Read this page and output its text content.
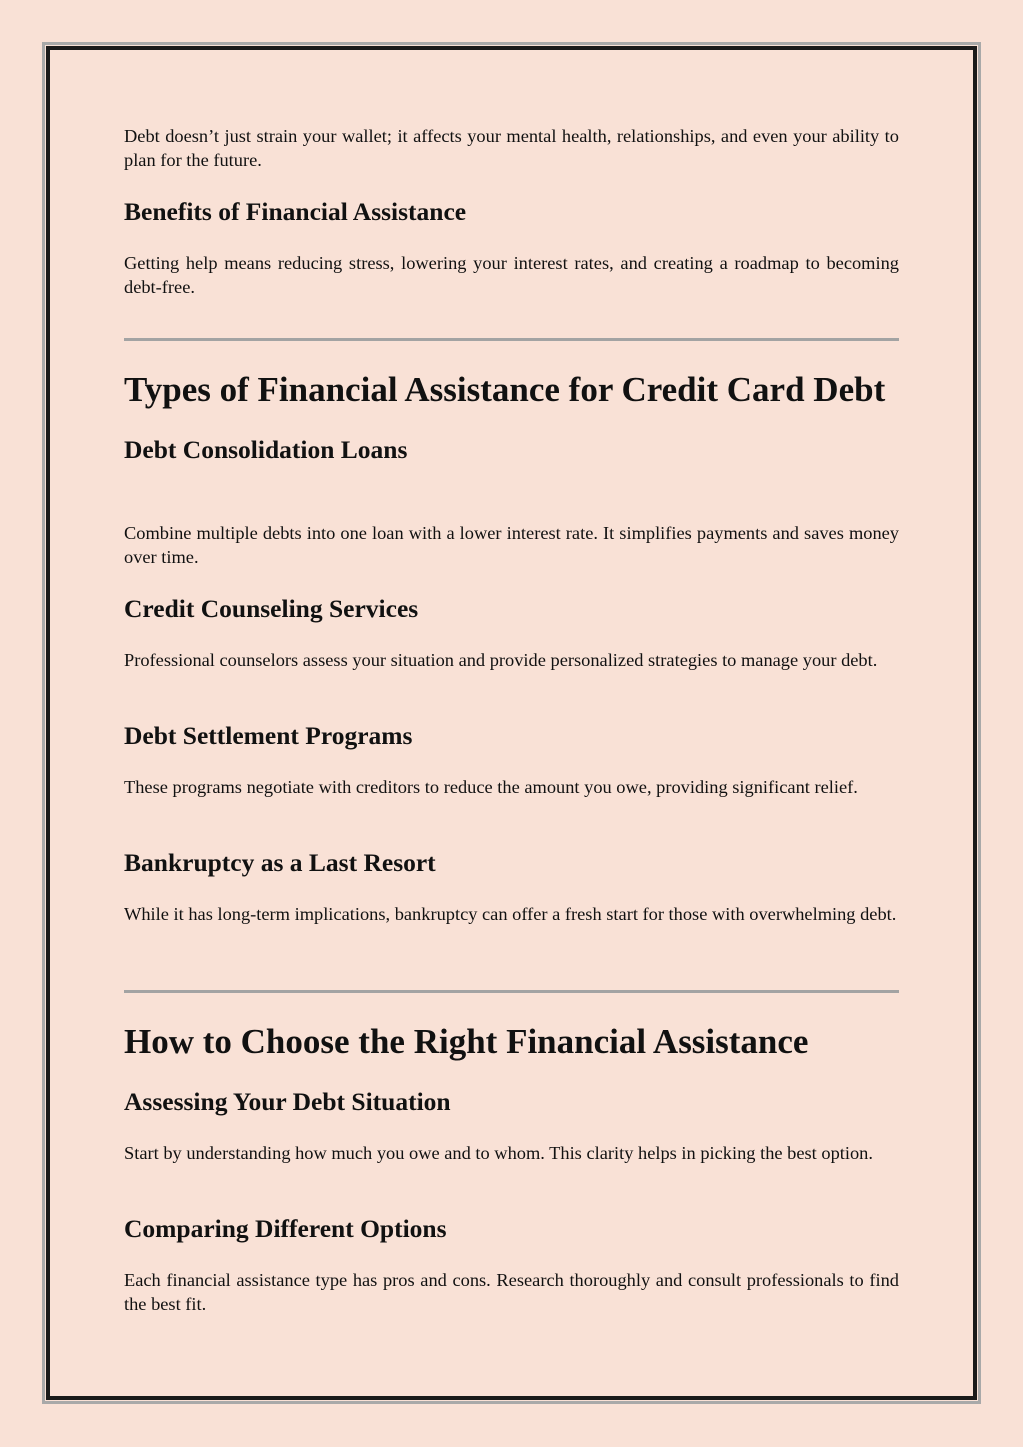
Debt doesn’t just strain your wallet; it affects your mental health, relationships, and even your ability to plan for the future.

Benefits of Financial Assistance

Getting help means reducing stress, lowering your interest rates, and creating a roadmap to becoming debt-free.

Types of Financial Assistance for Credit Card Debt
Debt Consolidation Loans

Combine multiple debts into one loan with a lower interest rate. It simplifies payments and saves money over time.

Credit Counseling Services

Professional counselors assess your situation and provide personalized strategies to manage your debt.

Debt Settlement Programs

These programs negotiate with creditors to reduce the amount you owe, providing significant relief.

Bankruptcy as a Last Resort

While it has long-term implications, bankruptcy can offer a fresh start for those with overwhelming debt.

How to Choose the Right Financial Assistance
Assessing Your Debt Situation

Start by understanding how much you owe and to whom. This clarity helps in picking the best option.

Comparing Different Options

Each financial assistance type has pros and cons. Research thoroughly and consult professionals to find the best fit.
